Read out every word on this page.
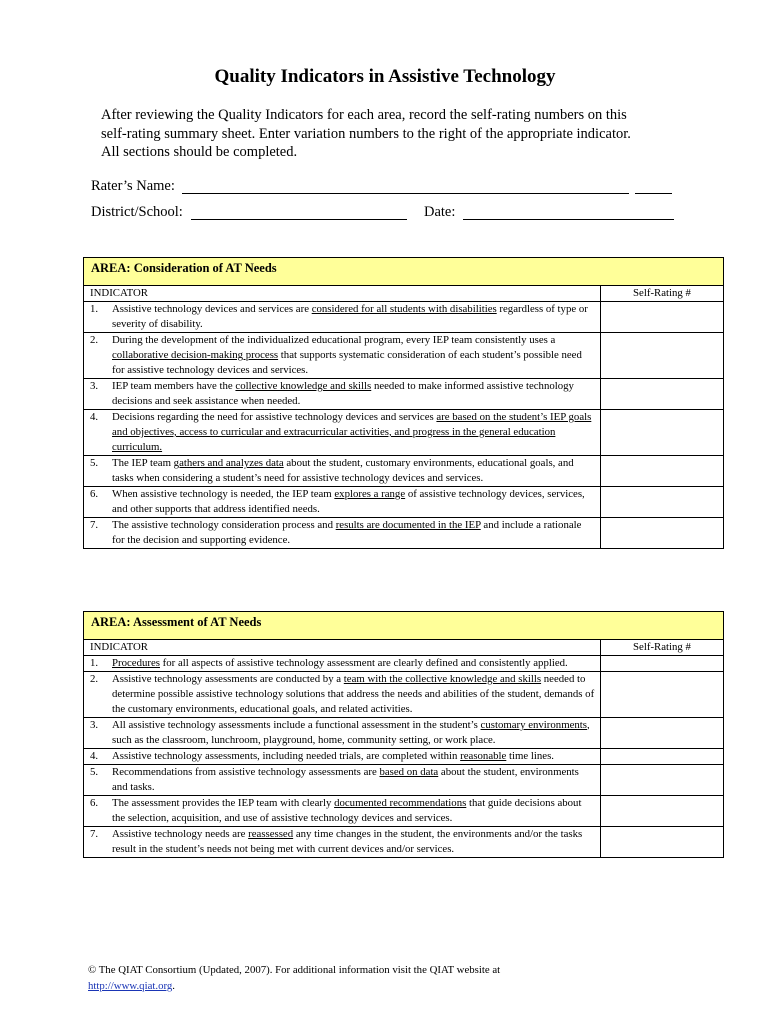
Quality Indicators in Assistive Technology
After reviewing the Quality Indicators for each area, record the self-rating numbers on this
self-rating summary sheet. Enter variation numbers to the right of the appropriate indicator.
All sections should be completed.
Rater’s Name:
District/School:	Date:
AREA: Consideration of AT Needs
INDICATOR	Self-Rating #
1.	Assistive technology devices and services are considered for all students with disabilities regardless of type or severity of disability.
2.	During the development of the individualized educational program, every IEP team consistently uses a collaborative decision-making process that supports systematic consideration of each student’s possible need for assistive technology devices and services.
3.	IEP team members have the collective knowledge and skills needed to make informed assistive technology decisions and seek assistance when needed.
4.	Decisions regarding the need for assistive technology devices and services are based on the student’s IEP goals and objectives, access to curricular and extracurricular activities, and progress in the general education curriculum.
5.	The IEP team gathers and analyzes data about the student, customary environments, educational goals, and tasks when considering a student’s need for assistive technology devices and services.
6.	When assistive technology is needed, the IEP team explores a range of assistive technology devices, services, and other supports that address identified needs.
7.	The assistive technology consideration process and results are documented in the IEP and include a rationale for the decision and supporting evidence.
AREA: Assessment of AT Needs
INDICATOR	Self-Rating #
1.	Procedures for all aspects of assistive technology assessment are clearly defined and consistently applied.
2.	Assistive technology assessments are conducted by a team with the collective knowledge and skills needed to determine possible assistive technology solutions that address the needs and abilities of the student, demands of the customary environments, educational goals, and related activities.
3.	All assistive technology assessments include a functional assessment in the student’s customary environments, such as the classroom, lunchroom, playground, home, community setting, or work place.
4.	Assistive technology assessments, including needed trials, are completed within reasonable time lines.
5.	Recommendations from assistive technology assessments are based on data about the student, environments and tasks.
6.	The assessment provides the IEP team with clearly documented recommendations that guide decisions about the selection, acquisition, and use of assistive technology devices and services.
7.	Assistive technology needs are reassessed any time changes in the student, the environments and/or the tasks result in the student’s needs not being met with current devices and/or services.
© The QIAT Consortium (Updated, 2007). For additional information visit the QIAT website at
http://www.qiat.org.
